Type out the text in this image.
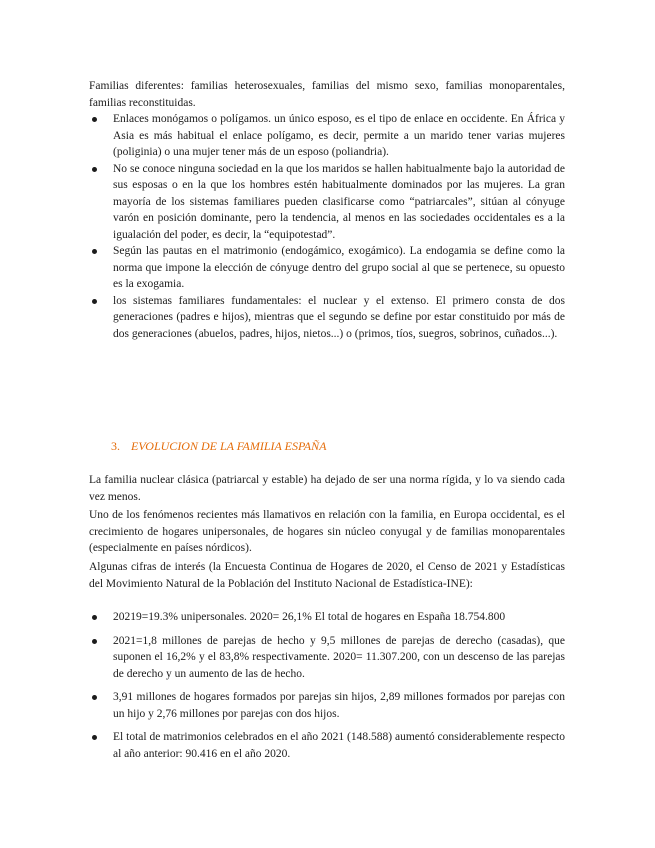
Familias diferentes: familias heterosexuales, familias del mismo sexo, familias monoparentales, familias reconstituidas.

Enlaces monógamos o polígamos. un único esposo, es el tipo de enlace en occidente. En África y Asia es más habitual el enlace polígamo, es decir, permite a un marido tener varias mujeres (poliginia) o una mujer tener más de un esposo (poliandria).
No se conoce ninguna sociedad en la que los maridos se hallen habitualmente bajo la autoridad de sus esposas o en la que los hombres estén habitualmente dominados por las mujeres. La gran mayoría de los sistemas familiares pueden clasificarse como “patriarcales”, sitúan al cónyuge varón en posición dominante, pero la tendencia, al menos en las sociedades occidentales es a la igualación del poder, es decir, la “equipotestad”.
Según las pautas en el matrimonio (endogámico, exogámico). La endogamia se define como la norma que impone la elección de cónyuge dentro del grupo social al que se pertenece, su opuesto es la exogamia.
los sistemas familiares fundamentales: el nuclear y el extenso. El primero consta de dos generaciones (padres e hijos), mientras que el segundo se define por estar constituido por más de dos generaciones (abuelos, padres, hijos, nietos...) o (primos, tíos, suegros, sobrinos, cuñados...).
3. EVOLUCION DE LA FAMILIA ESPAÑA

La familia nuclear clásica (patriarcal y estable) ha dejado de ser una norma rígida, y lo va siendo cada vez menos.

Uno de los fenómenos recientes más llamativos en relación con la familia, en Europa occidental, es el crecimiento de hogares unipersonales, de hogares sin núcleo conyugal y de familias monoparentales (especialmente en países nórdicos).

Algunas cifras de interés (la Encuesta Continua de Hogares de 2020, el Censo de 2021 y Estadísticas del Movimiento Natural de la Población del Instituto Nacional de Estadística-INE):

20219=19.3% unipersonales. 2020= 26,1% El total de hogares en España 18.754.800
2021=1,8 millones de parejas de hecho y 9,5 millones de parejas de derecho (casadas), que suponen el 16,2% y el 83,8% respectivamente. 2020= 11.307.200, con un descenso de las parejas de derecho y un aumento de las de hecho.
3,91 millones de hogares formados por parejas sin hijos, 2,89 millones formados por parejas con un hijo y 2,76 millones por parejas con dos hijos.
El total de matrimonios celebrados en el año 2021 (148.588) aumentó considerablemente respecto al año anterior: 90.416 en el año 2020.
